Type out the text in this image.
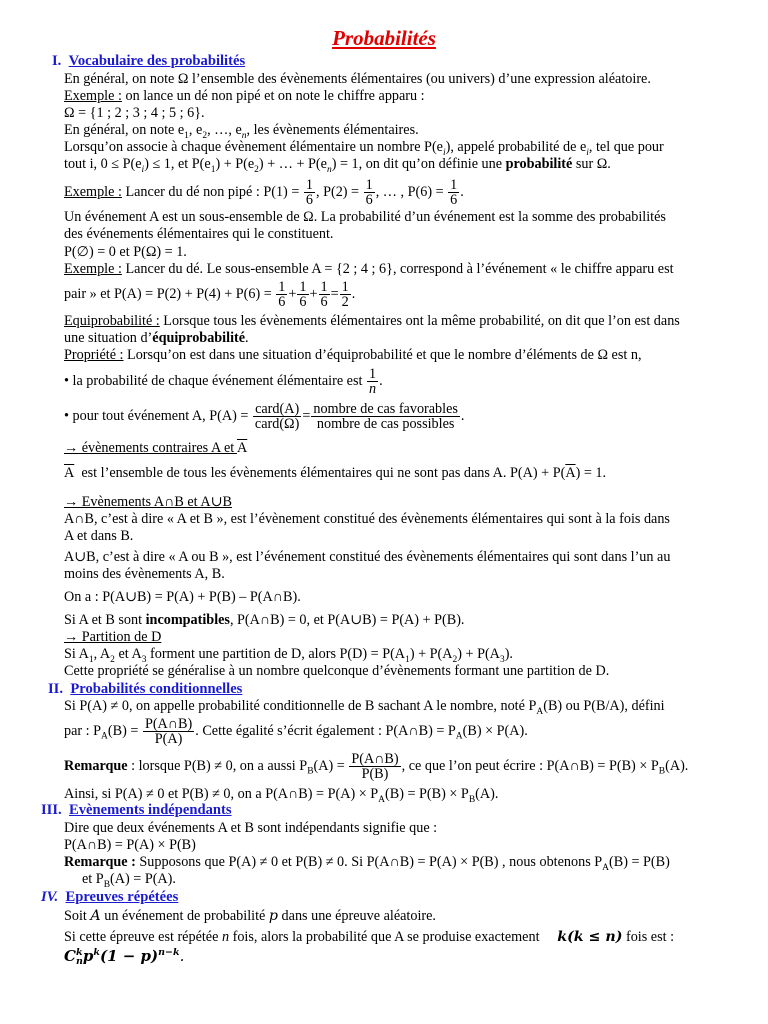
Probabilités
I. Vocabulaire des probabilités
En général, on note Ω l’ensemble des évènements élémentaires (ou univers) d’une expression aléatoire.
Exemple : on lance un dé non pipé et on note le chiffre apparu :
Ω = {1 ; 2 ; 3 ; 4 ; 5 ; 6}.
En général, on note $e_1$, $e_2$, …, $e_n$, les évènements élémentaires.
Lorsqu’on associe à chaque évènement élémentaire un nombre $P(e_i)$, appelé probabilité de $e_i$, tel que pour
tout i, $0 \le P(e_i) \le 1$, et $P(e_1) + P(e_2)$ + … + $P(e_n) = 1$, on dit qu’on définie une probabilité sur Ω.
Exemple : Lancer du dé non pipé : $P(1) = \frac{1}{6}$ , $P(2) = \frac{1}{6}$ , … , $P(6) = \frac{1}{6}$ .
Un événement A est un sous-ensemble de Ω. La probabilité d’un événement est la somme des probabilités
des événements élémentaires qui le constituent.
P(∅) = 0 et P(Ω) = 1.
Exemple : Lancer du dé. Le sous-ensemble A = {2 ; 4 ; 6}, correspond à l’événement « le chiffre apparu est
pair » et $P(A) = P(2) + P(4) + P(6) = \frac{1}{6} + \frac{1}{6} + \frac{1}{6} = \frac{1}{2}$ .
Equiprobabilité : Lorsque tous les évènements élémentaires ont la même probabilité, on dit que l’on est dans
une situation d’équiprobabilité.
Propriété : Lorsqu’on est dans une situation d’équiprobabilité et que le nombre d’éléments de Ω est n,
• la probabilité de chaque événement élémentaire est $\frac{1}{n}$ .
• pour tout événement A, $P(A) = \frac{\text{card(A)}}{\text{card(Ω)}} = \frac{\text{nombre de cas favorables}}{\text{nombre de cas possibles}}$ .
→ évènements contraires A et $\overline{A}$
$\overline{A}$  est l’ensemble de tous les évènements élémentaires qui ne sont pas dans A. $P(A) + P(\overline{A}) = 1$.
→ Evènements A∩B et A∪B
A∩B, c’est à dire « A et B », est l’évènement constitué des évènements élémentaires qui sont à la fois dans
A et dans B.
A∪B, c’est à dire « A ou B », est l’événement constitué des évènements élémentaires qui sont dans l’un au
moins des évènements A, B.
On a : P(A∪B) = P(A) + P(B) – P(A∩B).
Si A et B sont incompatibles, P(A∩B) = 0, et P(A∪B) = P(A) + P(B).
→ Partition de D
Si $A_1$, $A_2$ et $A_3$ forment une partition de D, alors $P(D) = P(A_1) + P(A_2) + P(A_3)$.
Cette propriété se généralise à un nombre quelconque d’évènements formant une partition de D.
II. Probabilités conditionnelles
Si P(A) ≠ 0, on appelle probabilité conditionnelle de B sachant A le nombre, noté $P_A(B)$ ou P(B/A), défini
par : $P_A(B) = \frac{P(A\cap B)}{P(A)}$ . Cette égalité s’écrit également : P(A∩B) = $P_A(B) \times P(A)$.
Remarque : lorsque P(B) ≠ 0, on a aussi $P_B(A) = \frac{P(A\cap B)}{P(B)}$ , ce que l’on peut écrire : P(A∩B) = $P(B) \times P_B(A)$.
Ainsi, si P(A) ≠ 0 et P(B) ≠ 0, on a P(A∩B) = $P(A) \times P_A(B) = P(B) \times P_B(A)$.
III. Evènements indépendants
Dire que deux événements A et B sont indépendants signifie que :
P(A∩B) = P(A) × P(B)
Remarque : Supposons que P(A) ≠ 0 et P(B) ≠ 0. Si P(A∩B) = P(A) × P(B) , nous obtenons $P_A(B) = P(B)$
et $P_B(A) = P(A)$.
IV. Epreuves répétées
Soit A un événement de probabilité p dans une épreuve aléatoire.
Si cette épreuve est répétée n fois, alors la probabilité que A se produise exactement     k(k ≤ n) fois est :
C k
n $p^k(1 - p)^{n-k}$.
